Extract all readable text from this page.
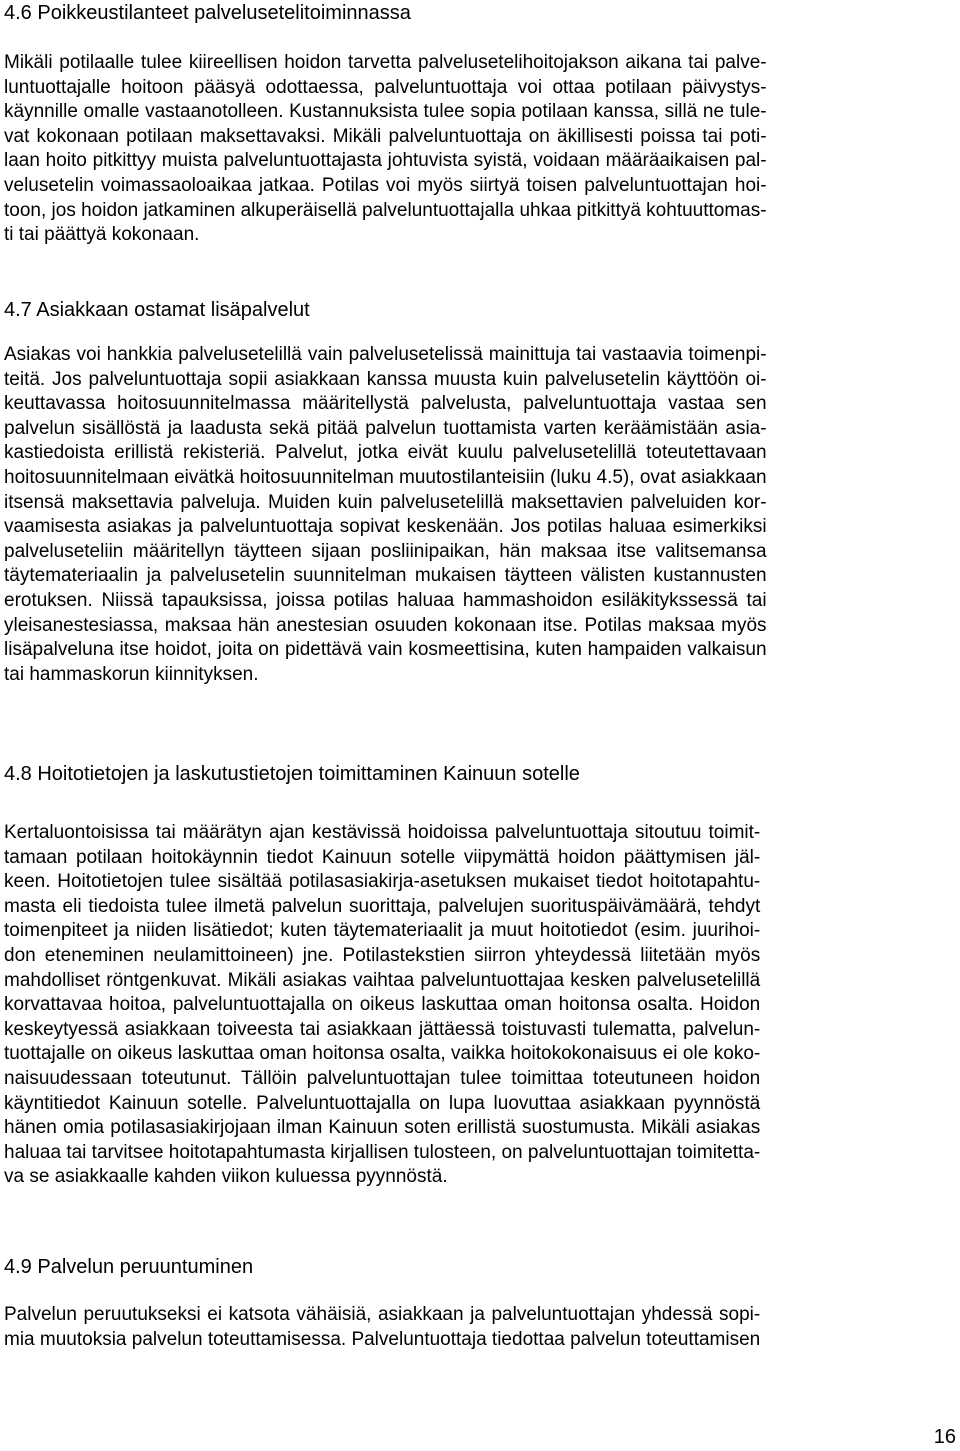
4.6 Poikkeustilanteet palvelusetelitoiminnassa
Mikäli potilaalle tulee kiireellisen hoidon tarvetta palvelusetelihoitojakson aikana tai palve-
luntuottajalle hoitoon pääsyä odottaessa, palveluntuottaja voi ottaa potilaan päivystys-
käynnille omalle vastaanotolleen. Kustannuksista tulee sopia potilaan kanssa, sillä ne tule-
vat kokonaan potilaan maksettavaksi. Mikäli palveluntuottaja on äkillisesti poissa tai poti-
laan hoito pitkittyy muista palveluntuottajasta johtuvista syistä, voidaan määräaikaisen pal-
velusetelin voimassaoloaikaa jatkaa. Potilas voi myös siirtyä toisen palveluntuottajan hoi-
toon, jos hoidon jatkaminen alkuperäisellä palveluntuottajalla uhkaa pitkittyä kohtuuttomas-
ti tai päättyä kokonaan.
4.7 Asiakkaan ostamat lisäpalvelut
Asiakas voi hankkia palvelusetelillä vain palvelusetelissä mainittuja tai vastaavia toimenpi-
teitä. Jos palveluntuottaja sopii asiakkaan kanssa muusta kuin palvelusetelin käyttöön oi-
keuttavassa hoitosuunnitelmassa määritellystä palvelusta, palveluntuottaja vastaa sen
palvelun sisällöstä ja laadusta sekä pitää palvelun tuottamista varten keräämistään asia-
kastiedoista erillistä rekisteriä. Palvelut, jotka eivät kuulu palvelusetelillä toteutettavaan
hoitosuunnitelmaan eivätkä hoitosuunnitelman muutostilanteisiin (luku 4.5), ovat asiakkaan
itsensä maksettavia palveluja. Muiden kuin palvelusetelillä maksettavien palveluiden kor-
vaamisesta asiakas ja palveluntuottaja sopivat keskenään. Jos potilas haluaa esimerkiksi
palveluseteliin määritellyn täytteen sijaan posliinipaikan, hän maksaa itse valitsemansa
täytemateriaalin ja palvelusetelin suunnitelman mukaisen täytteen välisten kustannusten
erotuksen. Niissä tapauksissa, joissa potilas haluaa hammashoidon esiläkitykssessä tai
yleisanestesiassa, maksaa hän anestesian osuuden kokonaan itse. Potilas maksaa myös
lisäpalveluna itse hoidot, joita on pidettävä vain kosmeettisina, kuten hampaiden valkaisun
tai hammaskorun kiinnityksen.
4.8 Hoitotietojen ja laskutustietojen toimittaminen Kainuun sotelle
Kertaluontoisissa tai määrätyn ajan kestävissä hoidoissa palveluntuottaja sitoutuu toimit-
tamaan potilaan hoitokäynnin tiedot Kainuun sotelle viipymättä hoidon päättymisen jäl-
keen. Hoitotietojen tulee sisältää potilasasiakirja-asetuksen mukaiset tiedot hoitotapahtu-
masta eli tiedoista tulee ilmetä palvelun suorittaja, palvelujen suorituspäivämäärä, tehdyt
toimenpiteet ja niiden lisätiedot; kuten täytemateriaalit ja muut hoitotiedot (esim. juurihoi-
don eteneminen neulamittoineen) jne. Potilastekstien siirron yhteydessä liitetään myös
mahdolliset röntgenkuvat. Mikäli asiakas vaihtaa palveluntuottajaa kesken palvelusetelillä
korvattavaa hoitoa, palveluntuottajalla on oikeus laskuttaa oman hoitonsa osalta. Hoidon
keskeytyessä asiakkaan toiveesta tai asiakkaan jättäessä toistuvasti tulematta, palvelun-
tuottajalle on oikeus laskuttaa oman hoitonsa osalta, vaikka hoitokokonaisuus ei ole koko-
naisuudessaan toteutunut. Tällöin palveluntuottajan tulee toimittaa toteutuneen hoidon
käyntitiedot Kainuun sotelle. Palveluntuottajalla on lupa luovuttaa asiakkaan pyynnöstä
hänen omia potilasasiakirjojaan ilman Kainuun soten erillistä suostumusta. Mikäli asiakas
haluaa tai tarvitsee hoitotapahtumasta kirjallisen tulosteen, on palveluntuottajan toimitetta-
va se asiakkaalle kahden viikon kuluessa pyynnöstä.
4.9 Palvelun peruuntuminen
Palvelun peruutukseksi ei katsota vähäisiä, asiakkaan ja palveluntuottajan yhdessä sopi-
mia muutoksia palvelun toteuttamisessa. Palveluntuottaja tiedottaa palvelun toteuttamisen
16
